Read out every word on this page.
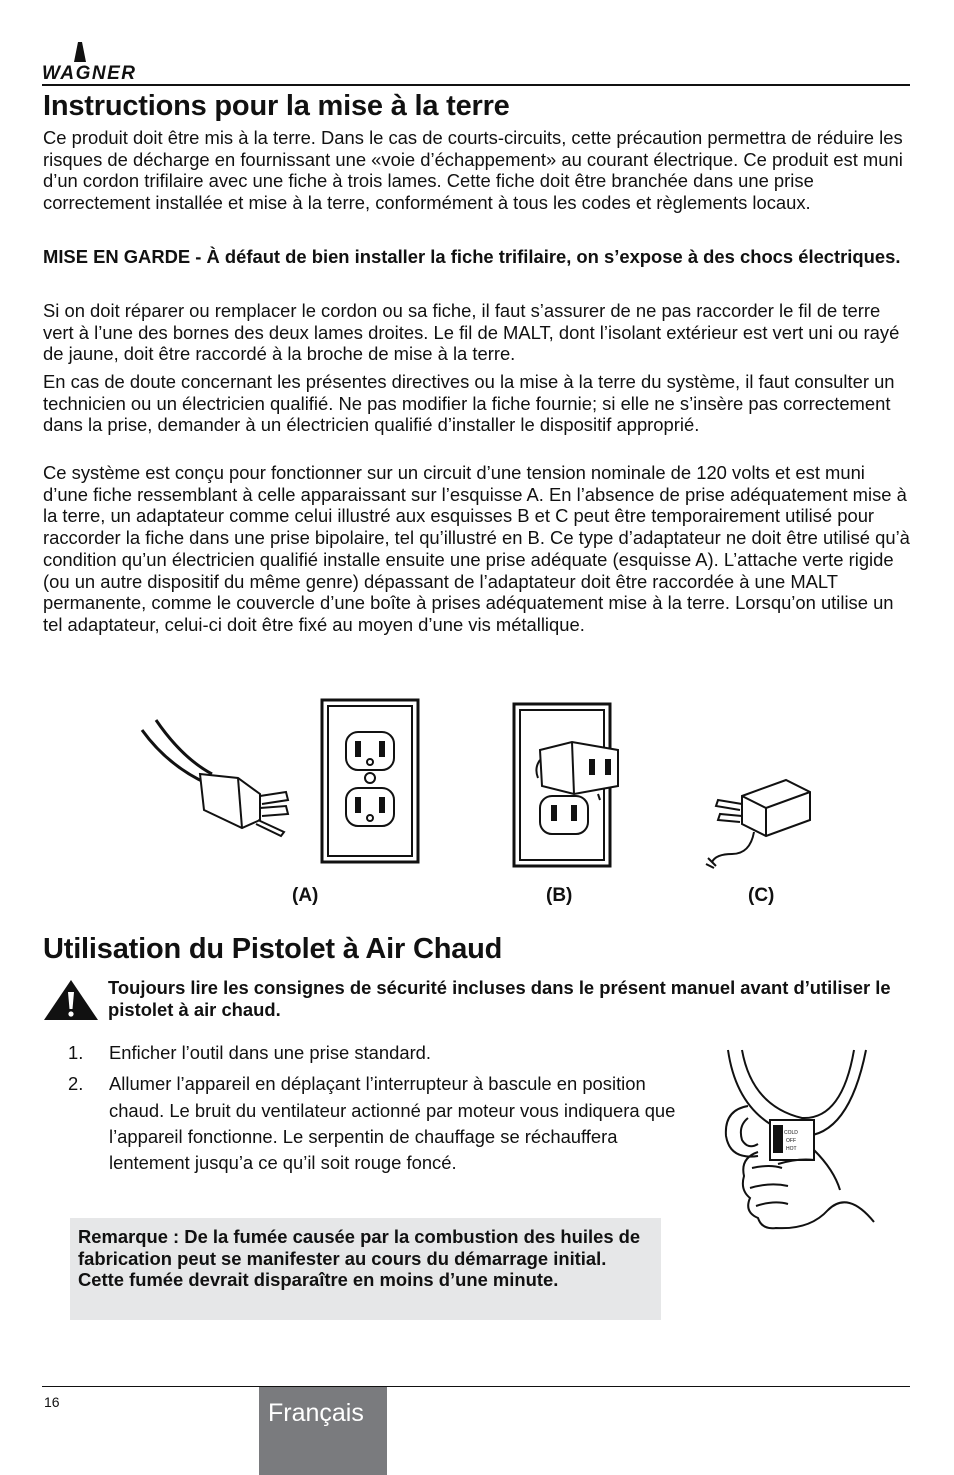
WAGNER
Instructions pour la mise à la terre

Ce produit doit être mis à la terre. Dans le cas de courts-circuits, cette précaution permettra de réduire les risques de décharge en fournissant une «voie d’échappement» au courant électrique. Ce produit est muni d’un cordon trifilaire avec une fiche à trois lames. Cette fiche doit être branchée dans une prise correctement installée et mise à la terre, conformément à tous les codes et règlements locaux.

MISE EN GARDE - À défaut de bien installer la fiche trifilaire, on s’expose à des chocs électriques.

Si on doit réparer ou remplacer le cordon ou sa fiche, il faut s’assurer de ne pas raccorder le fil de terre vert à l’une des bornes des deux lames droites. Le fil de MALT, dont l’isolant extérieur est vert uni ou rayé de jaune, doit être raccordé à la broche de mise à la terre.

En cas de doute concernant les présentes directives ou la mise à la terre du système, il faut consulter un technicien ou un électricien qualifié. Ne pas modifier la fiche fournie; si elle ne s’insère pas correctement dans la prise, demander à un électricien qualifié d’installer le dispositif approprié.

Ce système est conçu pour fonctionner sur un circuit d’une tension nominale de 120 volts et est muni d’une fiche ressemblant à celle apparaissant sur l’esquisse A. En l’absence de prise adéquatement mise à la terre, un adaptateur comme celui illustré aux esquisses B et C peut être temporairement utilisé pour raccorder la fiche dans une prise bipolaire, tel qu’illustré en B. Ce type d’adaptateur ne doit être utilisé qu’à condition qu’un électricien qualifié installe ensuite une prise adéquate (esquisse A). L’attache verte rigide (ou un autre dispositif du même genre) dépassant de l’adaptateur doit être raccordée à une MALT permanente, comme le couvercle d’une boîte à prises adéquatement mise à la terre. Lorsqu’on utilise un tel adaptateur, celui-ci doit être fixé au moyen d’une vis métallique.

(A)	(B)	(C)
Utilisation du Pistolet à Air Chaud

Toujours lire les consignes de sécurité incluses dans le présent manuel avant d’utiliser le pistolet à air chaud.

1. Enficher l’outil dans une prise standard.
2. Allumer l’appareil en déplaçant l’interrupteur à bascule en position chaud. Le bruit du ventilateur actionné par moteur vous indiquera que l’appareil fonctionne. Le serpentin de chauffage se réchauffera lentement jusqu’a ce qu’il soit rouge foncé.
COLD
OFF
HOT

Remarque : De la fumée causée par la combustion des huiles de fabrication peut se manifester au cours du démarrage initial. Cette fumée devrait disparaître en moins d’une minute.

16	Français
